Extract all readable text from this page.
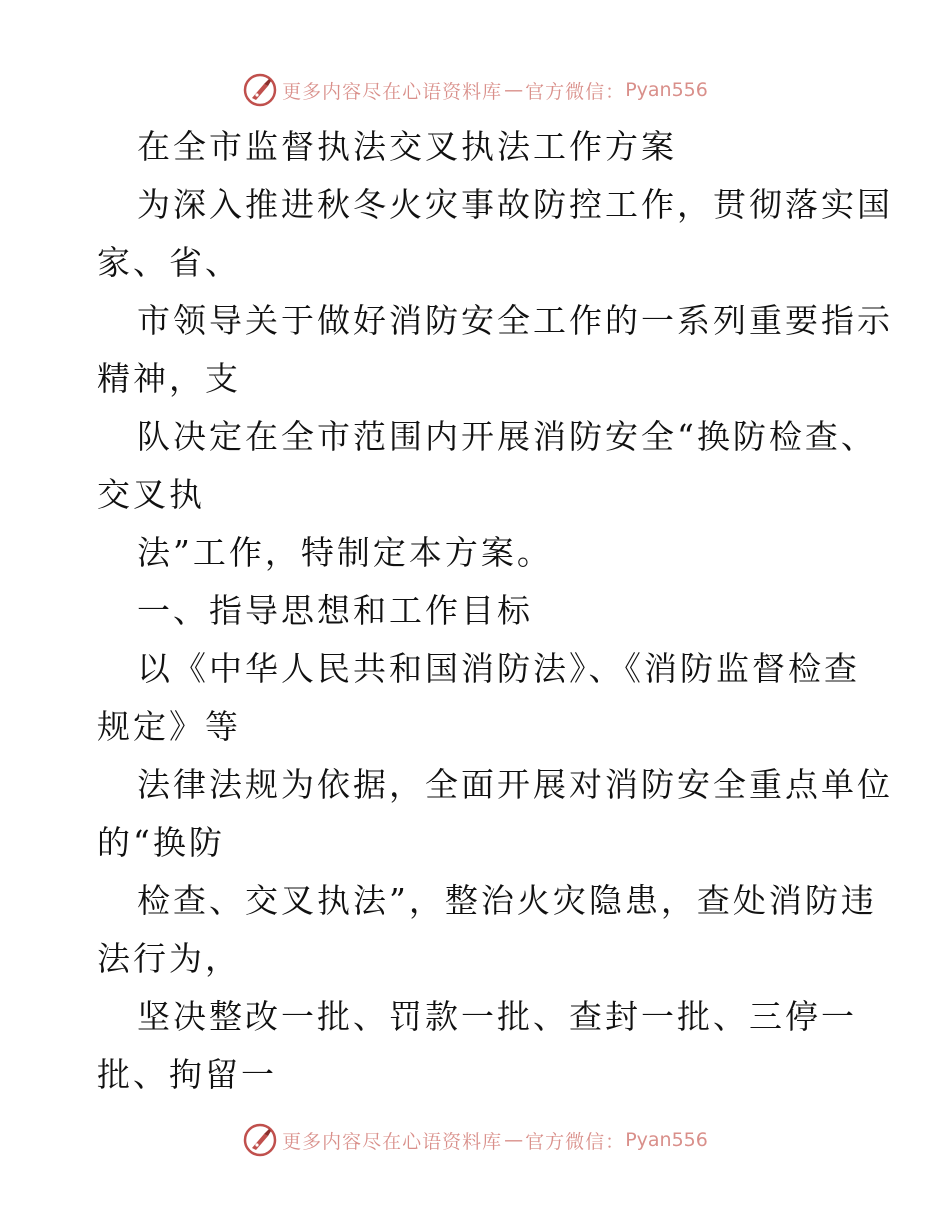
更多内容尽在心语资料库 — 官方微信： Pyan556
在全市监督执法交叉执法工作方案
为深入推进秋冬火灾事故防控工作，贯彻落实国
家、省、
市领导关于做好消防安全工作的一系列重要指示
精神，支
队决定在全市范围内开展消防安全“换防检查、
交叉执
法”工作，特制定本方案。
一、指导思想和工作目标
以《中华人民共和国消防法》、《消防监督检查
规定》等
法律法规为依据，全面开展对消防安全重点单位
的“换防
检查、交叉执法”，整治火灾隐患，查处消防违
法行为，
坚决整改一批、罚款一批、查封一批、三停一
批、拘留一
更多内容尽在心语资料库 — 官方微信： Pyan556
